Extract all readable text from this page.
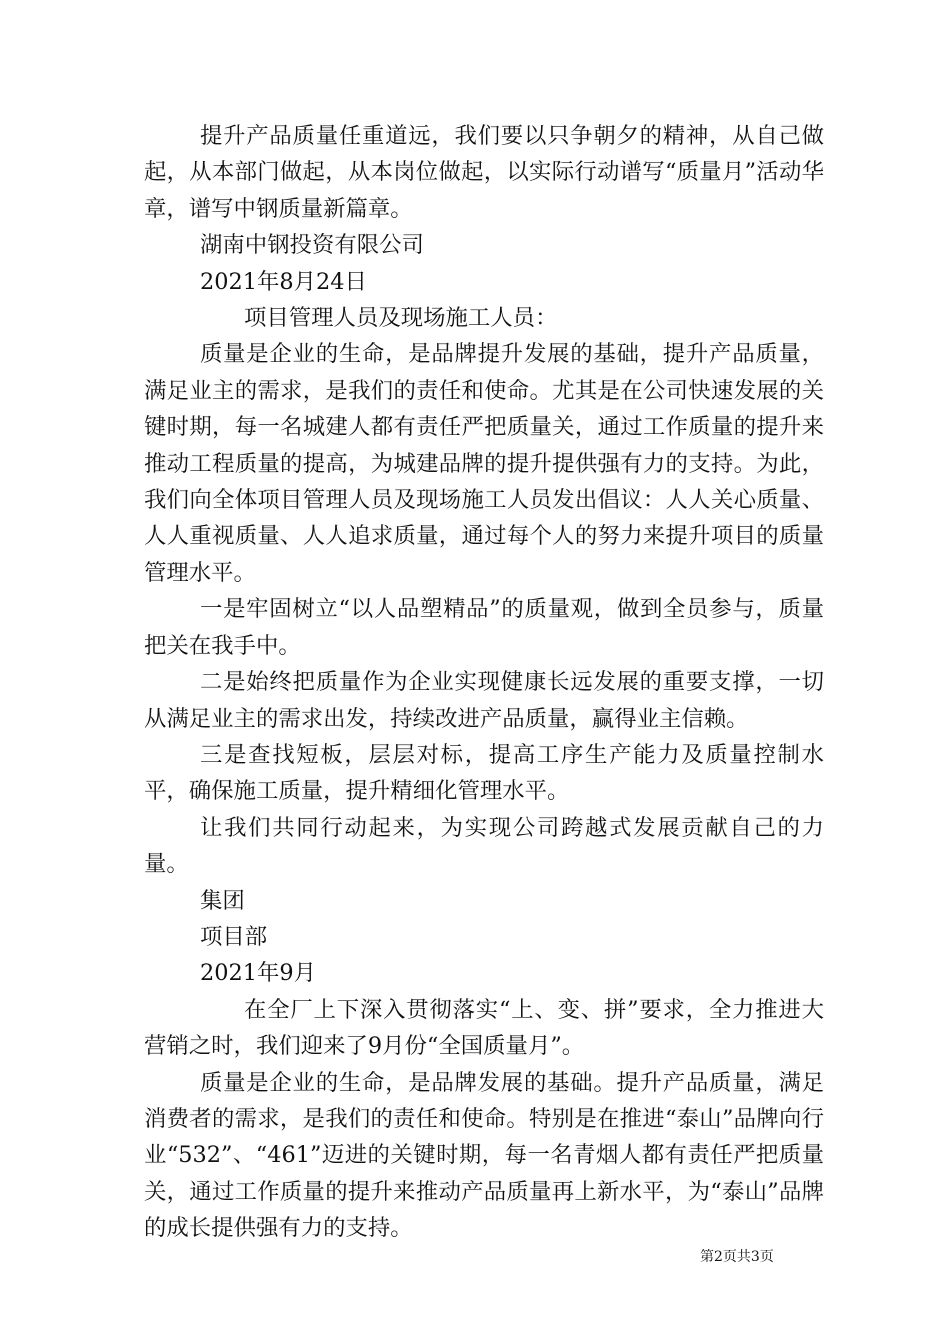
提升产品质量任重道远，我们要以只争朝夕的精神，从自己做起，从本部门做起，从本岗位做起，以实际行动谱写“质量月”活动华章，谱写中钢质量新篇章。

湖南中钢投资有限公司

2021年8月24日

项目管理人员及现场施工人员：

质量是企业的生命，是品牌提升发展的基础，提升产品质量，满足业主的需求，是我们的责任和使命。尤其是在公司快速发展的关键时期，每一名城建人都有责任严把质量关，通过工作质量的提升来推动工程质量的提高，为城建品牌的提升提供强有力的支持。为此，我们向全体项目管理人员及现场施工人员发出倡议：人人关心质量、人人重视质量、人人追求质量，通过每个人的努力来提升项目的质量管理水平。

一是牢固树立“以人品塑精品”的质量观，做到全员参与，质量把关在我手中。

二是始终把质量作为企业实现健康长远发展的重要支撑，一切从满足业主的需求出发，持续改进产品质量，赢得业主信赖。

三是查找短板，层层对标，提高工序生产能力及质量控制水平，确保施工质量，提升精细化管理水平。

让我们共同行动起来，为实现公司跨越式发展贡献自己的力量。

集团

项目部

2021年9月

在全厂上下深入贯彻落实“上、变、拼”要求，全力推进大营销之时，我们迎来了9月份“全国质量月”。

质量是企业的生命，是品牌发展的基础。提升产品质量，满足消费者的需求，是我们的责任和使命。特别是在推进“泰山”品牌向行业“532”、“461”迈进的关键时期，每一名青烟人都有责任严把质量关，通过工作质量的提升来推动产品质量再上新水平，为“泰山”品牌的成长提供强有力的支持。

第2页共3页
